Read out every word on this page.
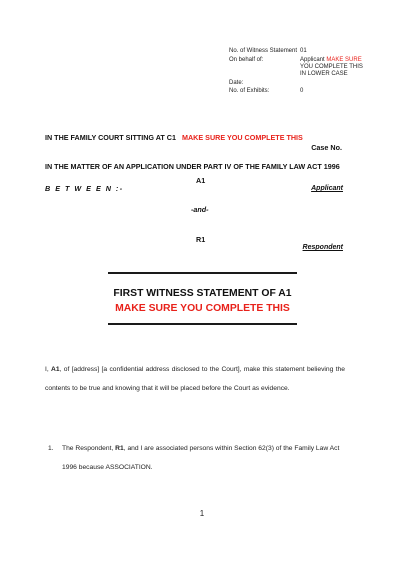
No. of Witness Statement 01
On behalf of:	Applicant MAKE SURE
YOU COMPLETE THIS
IN LOWER CASE
Date:
No. of Exhibits:	0
IN THE FAMILY COURT SITTING AT C1 MAKE SURE YOU COMPLETE THIS
Case No.
IN THE MATTER OF AN APPLICATION UNDER PART IV OF THE FAMILY LAW ACT 1996
B E T W E E N :-
A1
Applicant
-and-
R1
Respondent
FIRST WITNESS STATEMENT OF A1
MAKE SURE YOU COMPLETE THIS

I, A1, of [address] [a confidential address disclosed to the Court], make this statement believing the contents to be true and knowing that it will be placed before the Court as evidence.

1. The Respondent, R1, and I are associated persons within Section 62(3) of the Family Law Act 1996 because ASSOCIATION.
1
